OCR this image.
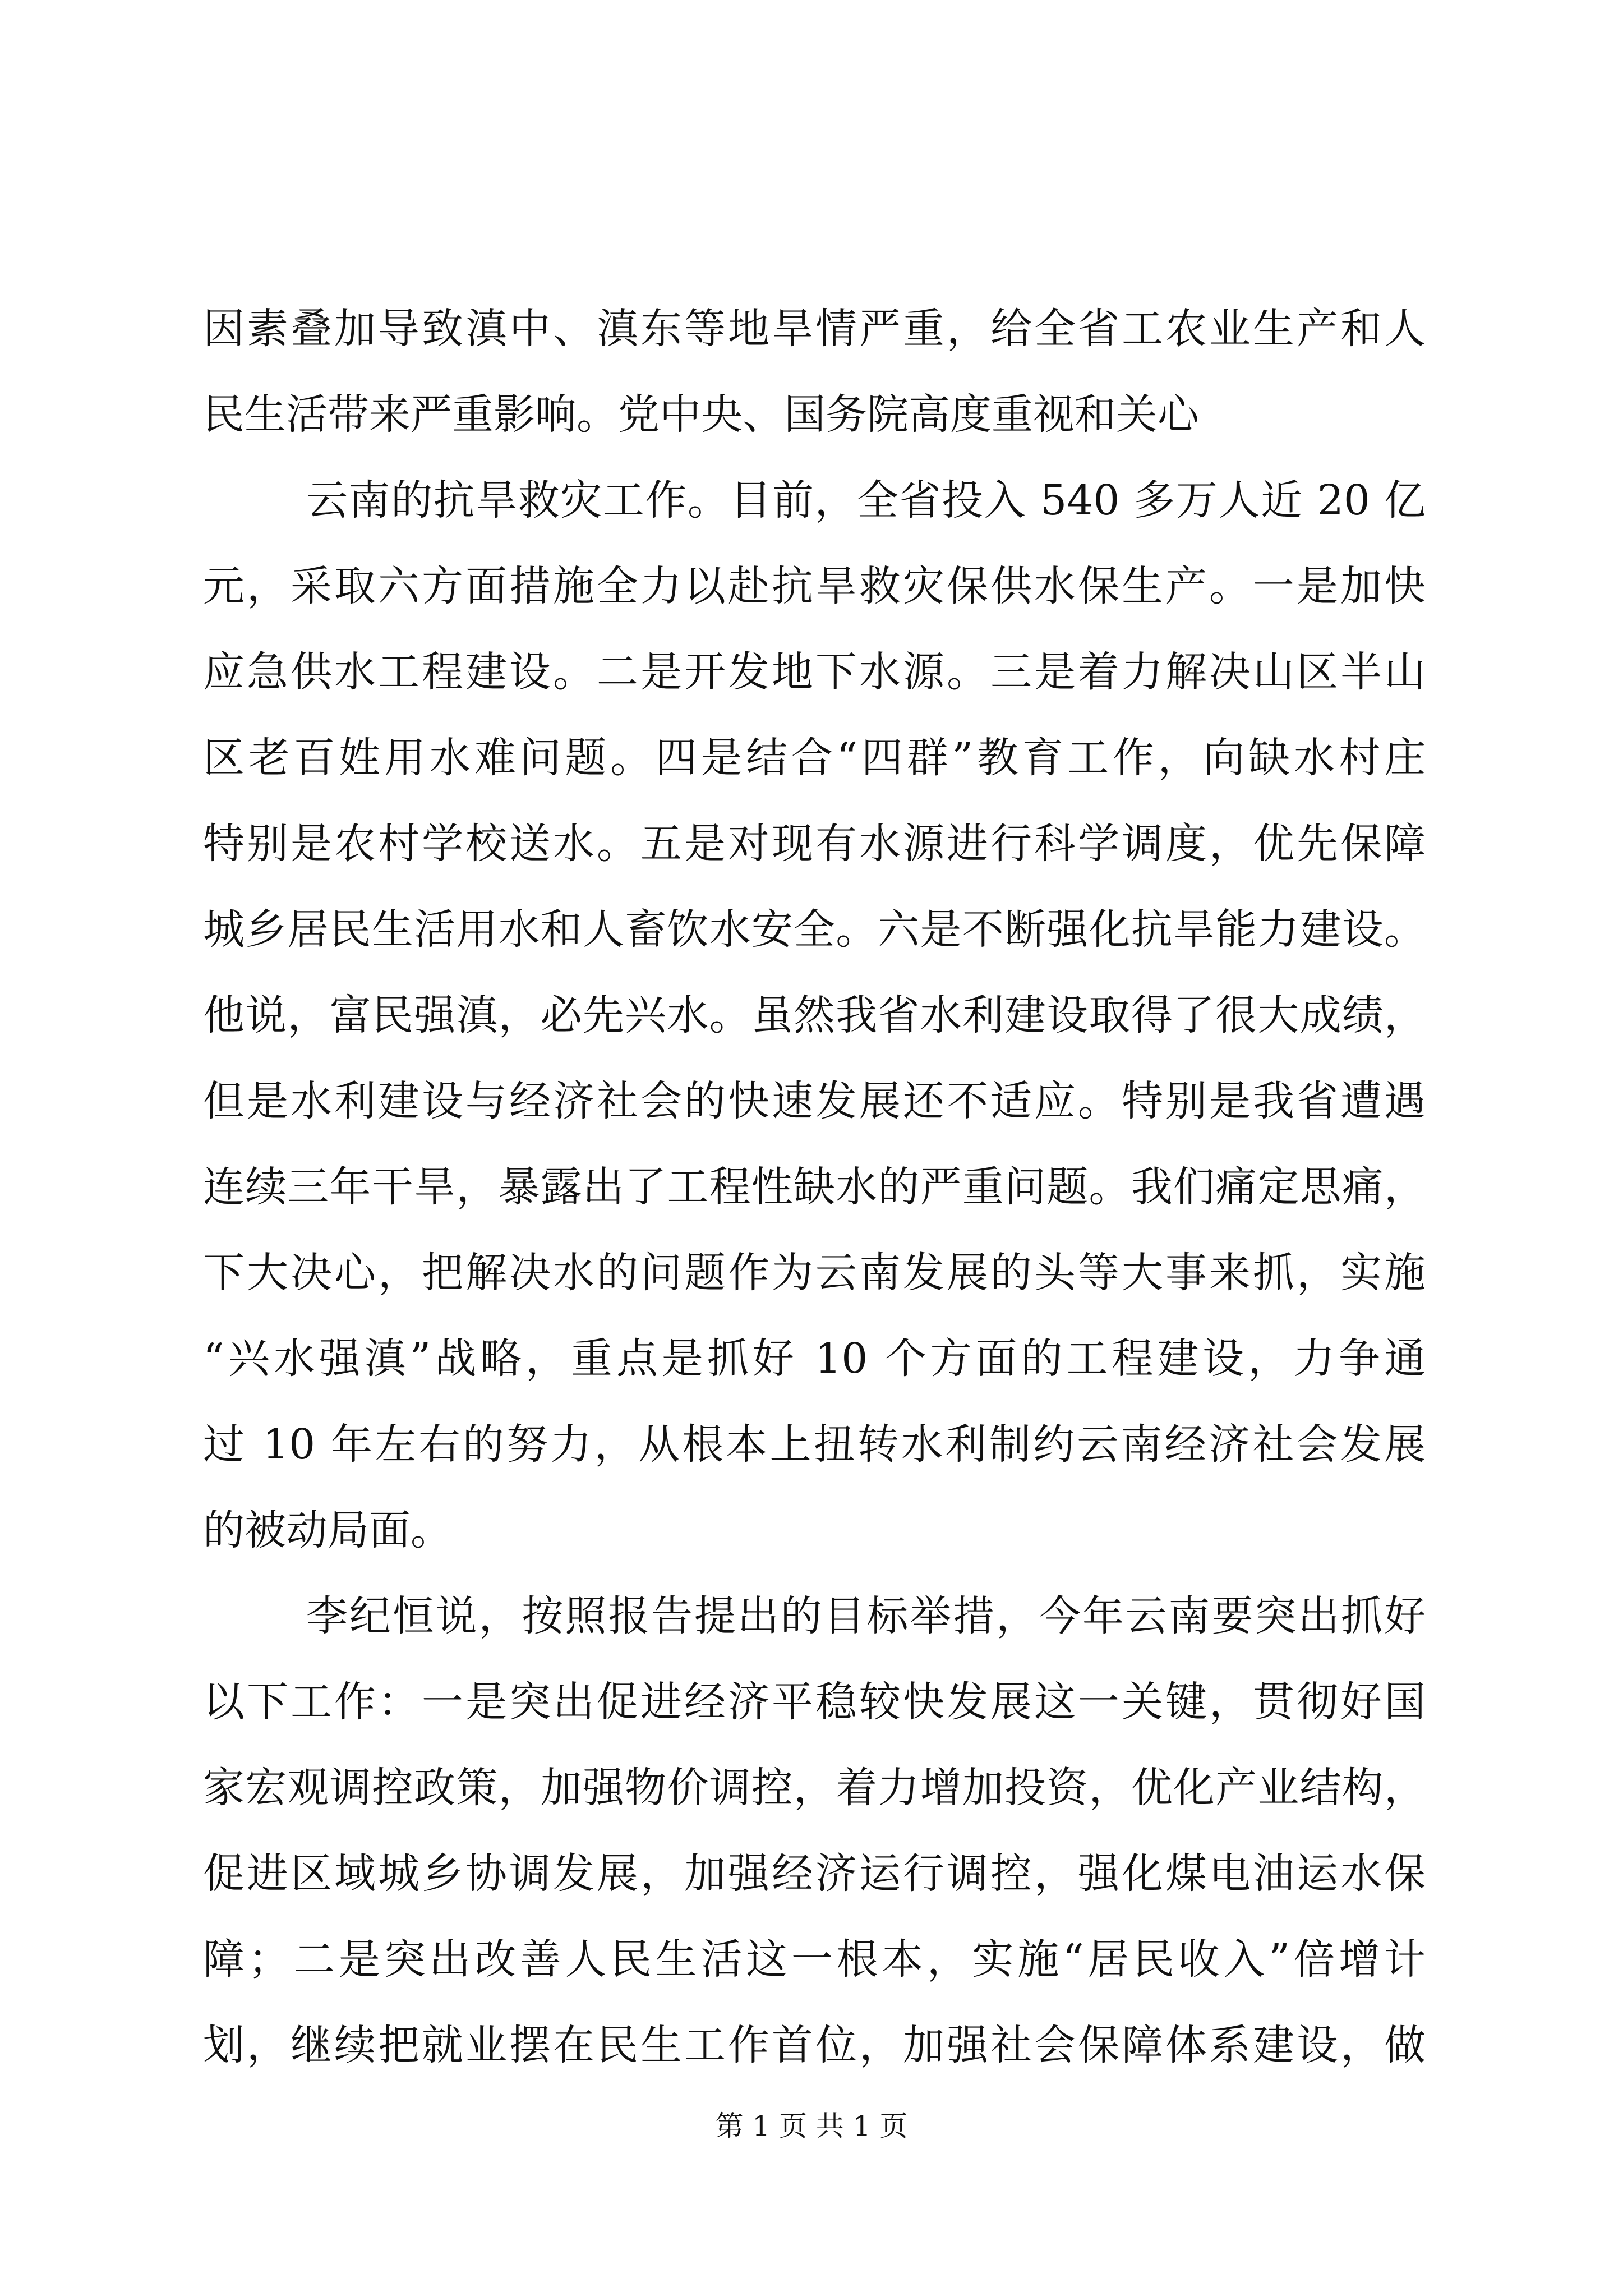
因素叠加导致滇中、滇东等地旱情严重，给全省工农业生产和人
民生活带来严重影响。党中央、国务院高度重视和关心
云南的抗旱救灾工作。目前，全省投入 540 多万人近 20 亿
元，采取六方面措施全力以赴抗旱救灾保供水保生产。一是加快
应急供水工程建设。二是开发地下水源。三是着力解决山区半山
区老百姓用水难问题。四是结合“四群”教育工作，向缺水村庄
特别是农村学校送水。五是对现有水源进行科学调度，优先保障
城乡居民生活用水和人畜饮水安全。六是不断强化抗旱能力建设。
他说，富民强滇，必先兴水。虽然我省水利建设取得了很大成绩，
但是水利建设与经济社会的快速发展还不适应。特别是我省遭遇
连续三年干旱，暴露出了工程性缺水的严重问题。我们痛定思痛，
下大决心，把解决水的问题作为云南发展的头等大事来抓，实施
“兴水强滇”战略，重点是抓好 10 个方面的工程建设，力争通
过 10 年左右的努力，从根本上扭转水利制约云南经济社会发展
的被动局面。
李纪恒说，按照报告提出的目标举措，今年云南要突出抓好
以下工作：一是突出促进经济平稳较快发展这一关键，贯彻好国
家宏观调控政策，加强物价调控，着力增加投资，优化产业结构，
促进区域城乡协调发展，加强经济运行调控，强化煤电油运水保
障；二是突出改善人民生活这一根本，实施“居民收入”倍增计
划，继续把就业摆在民生工作首位，加强社会保障体系建设，做
第 1 页 共 1 页
